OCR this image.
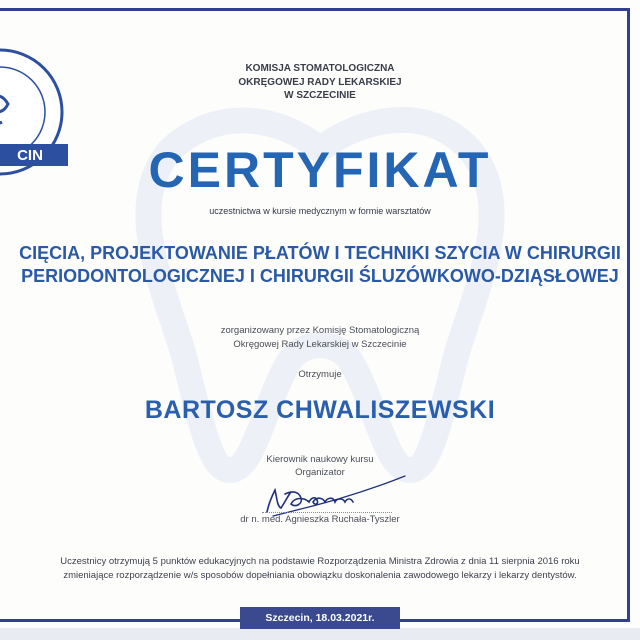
CIN
KOMISJA STOMATOLOGICZNA
OKRĘGOWEJ RADY LEKARSKIEJ
W SZCZECINIE
CERTYFIKAT
uczestnictwa w kursie medycznym w formie warsztatów
CIĘCIA, PROJEKTOWANIE PŁATÓW I TECHNIKI SZYCIA W CHIRURGII
PERIODONTOLOGICZNEJ I CHIRURGII ŚLUZÓWKOWO-DZIĄSŁOWEJ
zorganizowany przez Komisję Stomatologiczną
Okręgowej Rady Lekarskiej w Szczecinie
Otrzymuje
BARTOSZ CHWALISZEWSKI
Kierownik naukowy kursu
Organizator
dr n. med. Agnieszka Ruchała-Tyszler
Uczestnicy otrzymują 5 punktów edukacyjnych na podstawie Rozporządzenia Ministra Zdrowia z dnia 11 sierpnia 2016 roku
zmieniające rozporządzenie w/s sposobów dopełniania obowiązku doskonalenia zawodowego lekarzy i lekarzy dentystów.
Szczecin, 18.03.2021r.
